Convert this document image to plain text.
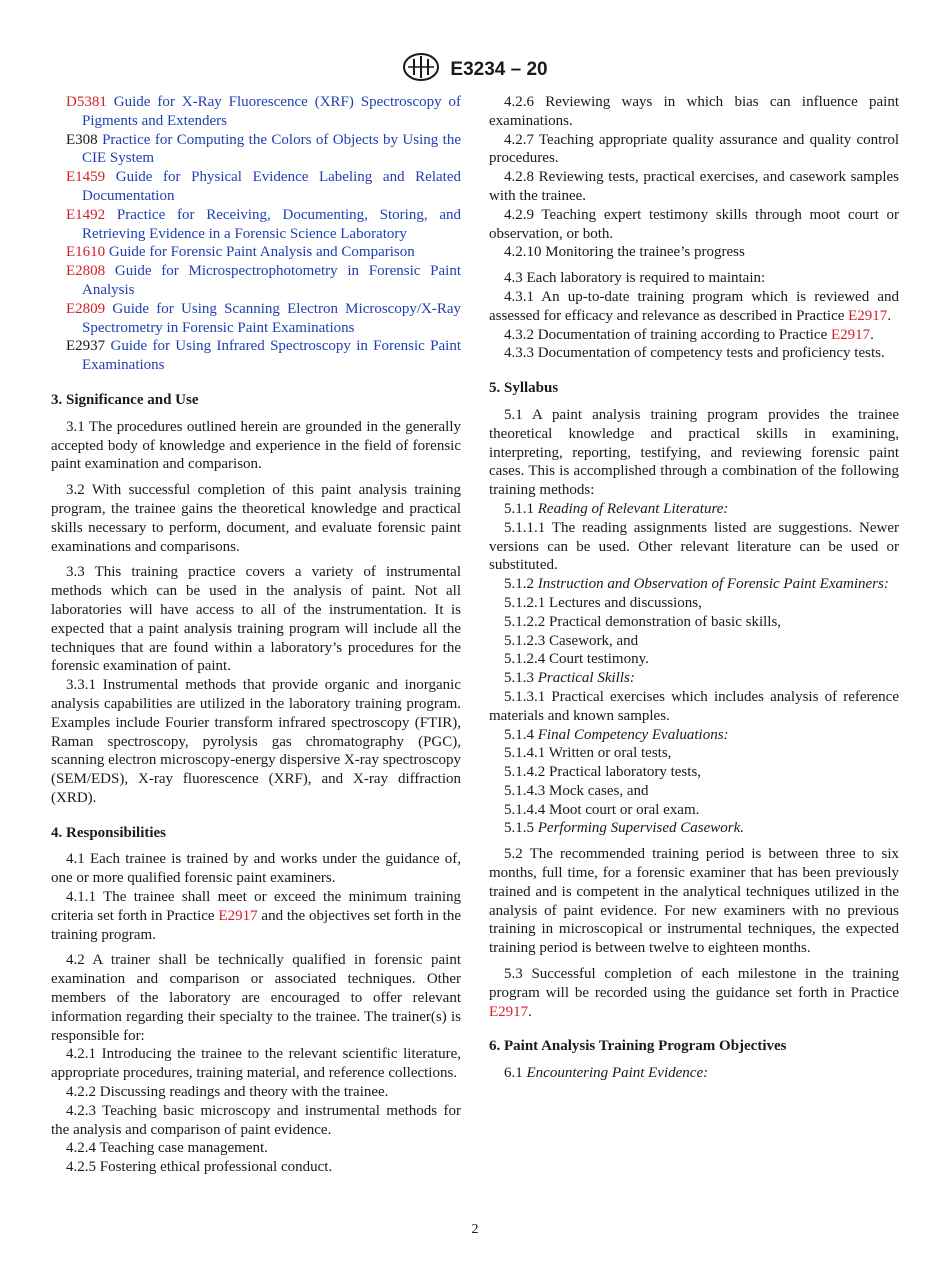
E3234 – 20

D5381 Guide for X-Ray Fluorescence (XRF) Spectroscopy of Pigments and Extenders

E308 Practice for Computing the Colors of Objects by Using the CIE System

E1459 Guide for Physical Evidence Labeling and Related Documentation

E1492 Practice for Receiving, Documenting, Storing, and Retrieving Evidence in a Forensic Science Laboratory

E1610 Guide for Forensic Paint Analysis and Comparison

E2808 Guide for Microspectrophotometry in Forensic Paint Analysis

E2809 Guide for Using Scanning Electron Microscopy/X-Ray Spectrometry in Forensic Paint Examinations

E2937 Guide for Using Infrared Spectroscopy in Forensic Paint Examinations

3. Significance and Use

3.1 The procedures outlined herein are grounded in the generally accepted body of knowledge and experience in the field of forensic paint examination and comparison.

3.2 With successful completion of this paint analysis training program, the trainee gains the theoretical knowledge and practical skills necessary to perform, document, and evaluate forensic paint examinations and comparisons.

3.3 This training practice covers a variety of instrumental methods which can be used in the analysis of paint. Not all laboratories will have access to all of the instrumentation. It is expected that a paint analysis training program will include all the techniques that are found within a laboratory’s procedures for the forensic examination of paint.

3.3.1 Instrumental methods that provide organic and inorganic analysis capabilities are utilized in the laboratory training program. Examples include Fourier transform infrared spectroscopy (FTIR), Raman spectroscopy, pyrolysis gas chromatography (PGC), scanning electron microscopy-energy dispersive X-ray spectroscopy (SEM/EDS), X-ray fluorescence (XRF), and X-ray diffraction (XRD).

4. Responsibilities

4.1 Each trainee is trained by and works under the guidance of, one or more qualified forensic paint examiners.

4.1.1 The trainee shall meet or exceed the minimum training criteria set forth in Practice E2917 and the objectives set forth in the training program.

4.2 A trainer shall be technically qualified in forensic paint examination and comparison or associated techniques. Other members of the laboratory are encouraged to offer relevant information regarding their specialty to the trainee. The trainer(s) is responsible for:

4.2.1 Introducing the trainee to the relevant scientific literature, appropriate procedures, training material, and reference collections.

4.2.2 Discussing readings and theory with the trainee.

4.2.3 Teaching basic microscopy and instrumental methods for the analysis and comparison of paint evidence.

4.2.4 Teaching case management.

4.2.5 Fostering ethical professional conduct.

4.2.6 Reviewing ways in which bias can influence paint examinations.

4.2.7 Teaching appropriate quality assurance and quality control procedures.

4.2.8 Reviewing tests, practical exercises, and casework samples with the trainee.

4.2.9 Teaching expert testimony skills through moot court or observation, or both.

4.2.10 Monitoring the trainee’s progress

4.3 Each laboratory is required to maintain:

4.3.1 An up-to-date training program which is reviewed and assessed for efficacy and relevance as described in Practice E2917.

4.3.2 Documentation of training according to Practice E2917.

4.3.3 Documentation of competency tests and proficiency tests.

5. Syllabus

5.1 A paint analysis training program provides the trainee theoretical knowledge and practical skills in examining, interpreting, reporting, testifying, and reviewing forensic paint cases. This is accomplished through a combination of the following training methods:

5.1.1 Reading of Relevant Literature:

5.1.1.1 The reading assignments listed are suggestions. Newer versions can be used. Other relevant literature can be used or substituted.

5.1.2 Instruction and Observation of Forensic Paint Examiners:

5.1.2.1 Lectures and discussions,

5.1.2.2 Practical demonstration of basic skills,

5.1.2.3 Casework, and

5.1.2.4 Court testimony.

5.1.3 Practical Skills:

5.1.3.1 Practical exercises which includes analysis of reference materials and known samples.

5.1.4 Final Competency Evaluations:

5.1.4.1 Written or oral tests,

5.1.4.2 Practical laboratory tests,

5.1.4.3 Mock cases, and

5.1.4.4 Moot court or oral exam.

5.1.5 Performing Supervised Casework.

5.2 The recommended training period is between three to six months, full time, for a forensic examiner that has been previously trained and is competent in the analytical techniques utilized in the analysis of paint evidence. For new examiners with no previous training in microscopical or instrumental techniques, the expected training period is between twelve to eighteen months.

5.3 Successful completion of each milestone in the training program will be recorded using the guidance set forth in Practice E2917.

6. Paint Analysis Training Program Objectives

6.1 Encountering Paint Evidence:

2
